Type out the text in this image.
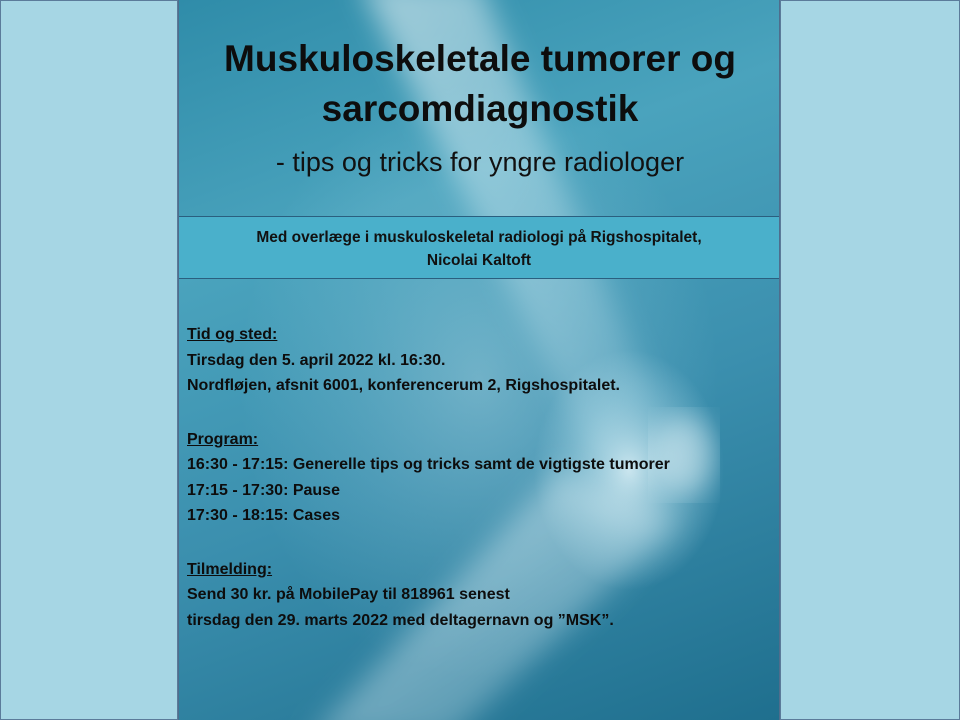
Muskuloskeletale tumorer og
sarcomdiagnostik
- tips og tricks for yngre radiologer
Med overlæge i muskuloskeletal radiologi på Rigshospitalet,
Nicolai Kaltoft
Tid og sted:
Tirsdag den 5. april 2022 kl. 16:30.
Nordfløjen, afsnit 6001, konferencerum 2, Rigshospitalet.
Program:
16:30 - 17:15: Generelle tips og tricks samt de vigtigste tumorer
17:15 - 17:30: Pause
17:30 - 18:15: Cases
Tilmelding:
Send 30 kr. på MobilePay til 818961 senest
tirsdag den 29. marts 2022 med deltagernavn og ”MSK”.
